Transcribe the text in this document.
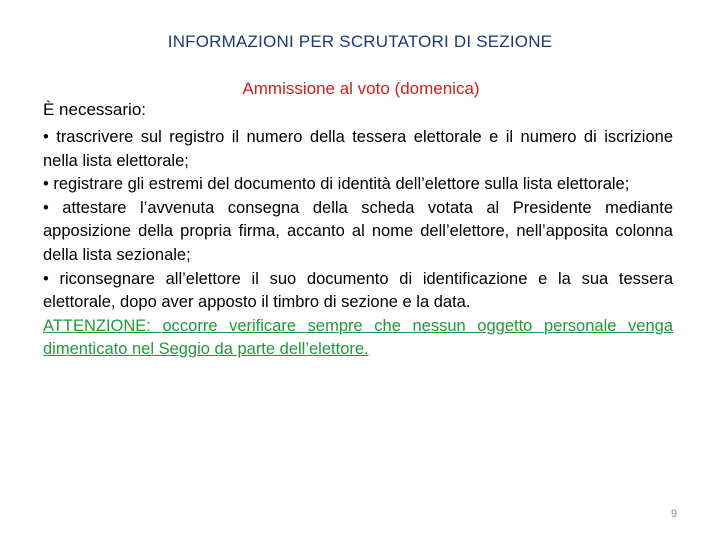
INFORMAZIONI PER SCRUTATORI DI SEZIONE
Ammissione al voto (domenica)
È necessario:

• trascrivere sul registro il numero della tessera elettorale e il numero di iscrizione nella lista elettorale;

• registrare gli estremi del documento di identità dell’elettore sulla lista elettorale;

• attestare l’avvenuta consegna della scheda votata al Presidente mediante apposizione della propria firma, accanto al nome dell’elettore, nell’apposita colonna della lista sezionale;

• riconsegnare all’elettore il suo documento di identificazione e la sua tessera elettorale, dopo aver apposto il timbro di sezione e la data.

ATTENZIONE: occorre verificare sempre che nessun oggetto personale venga dimenticato nel Seggio da parte dell’elettore.

9
